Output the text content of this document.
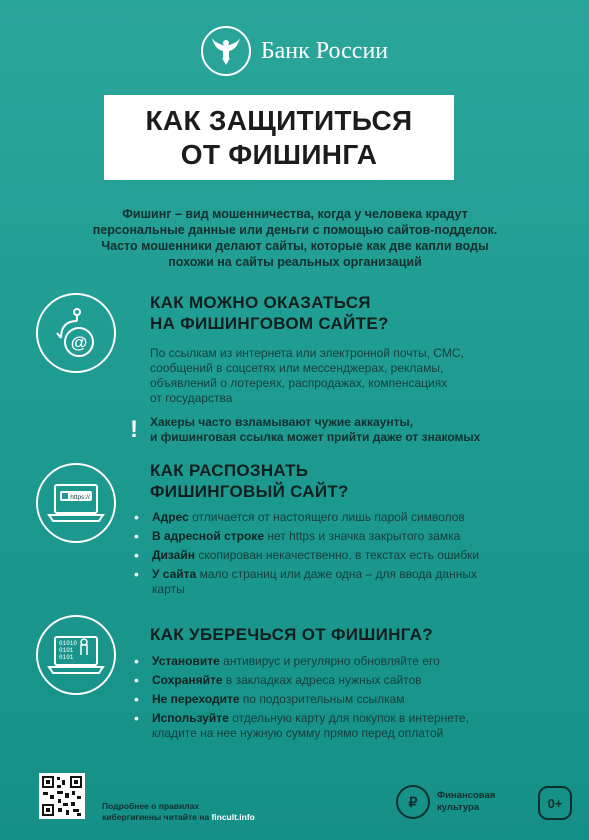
Банк России
КАК ЗАЩИТИТЬСЯ
ОТ ФИШИНГА
Фишинг – вид мошенничества, когда у человека крадут
персональные данные или деньги с помощью сайтов-подделок.
Часто мошенники делают сайты, которые как две капли воды
похожи на сайты реальных организаций
@
КАК МОЖНО ОКАЗАТЬСЯ
НА ФИШИНГОВОМ САЙТЕ?
По ссылкам из интернета или электронной почты, СМС,
сообщений в соцсетях или мессенджерах, рекламы,
объявлений о лотереях, распродажах, компенсациях
от государства
! Хакеры часто взламывают чужие аккаунты,
и фишинговая ссылка может прийти даже от знакомых
https://
КАК РАСПОЗНАТЬ
ФИШИНГОВЫЙ САЙТ?
• Адрес отличается от настоящего лишь парой символов
• В адресной строке нет https и значка закрытого замка
• Дизайн скопирован некачественно, в текстах есть ошибки
• У сайта мало страниц или даже одна – для ввода данных
карты
01010
0101
0101
КАК УБЕРЕЧЬСЯ ОТ ФИШИНГА?
• Установите антивирус и регулярно обновляйте его
• Сохраняйте в закладках адреса нужных сайтов
• Не переходите по подозрительным ссылкам
• Используйте отдельную карту для покупок в интернете,
кладите на нее нужную сумму прямо перед оплатой
Подробнее о правилах
кибергигиены читайте на fincult.info
₽	Финансовая
культура	0+
